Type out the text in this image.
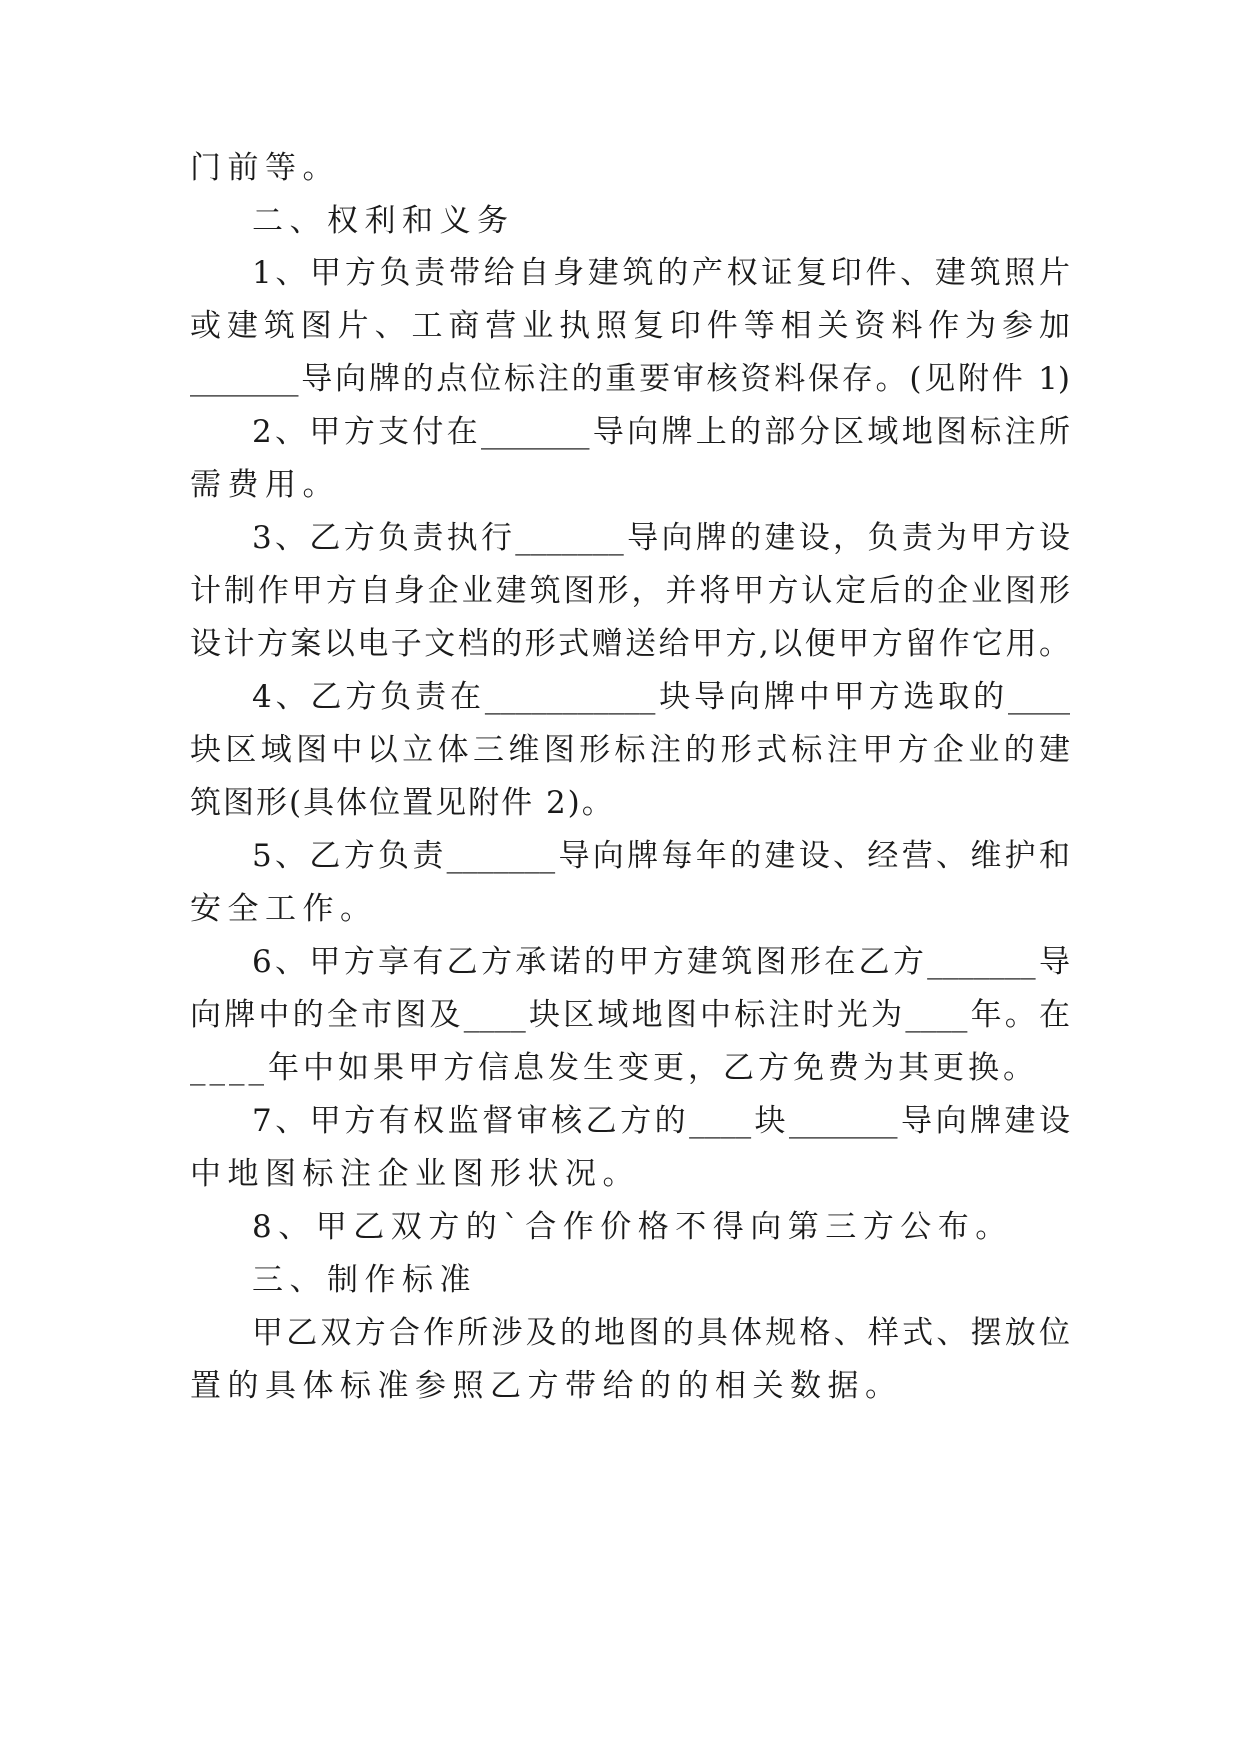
门前等。
二、权利和义务
1、甲方负责带给自身建筑的产权证复印件、建筑照片
或建筑图片、工商营业执照复印件等相关资料作为参加
_______导向牌的点位标注的重要审核资料保存。(见附件 1)
2、甲方支付在_______导向牌上的部分区域地图标注所
需费用。
3、乙方负责执行_______导向牌的建设，负责为甲方设
计制作甲方自身企业建筑图形，并将甲方认定后的企业图形
设计方案以电子文档的形式赠送给甲方,以便甲方留作它用。
4、乙方负责在___________块导向牌中甲方选取的____
块区域图中以立体三维图形标注的形式标注甲方企业的建
筑图形(具体位置见附件 2)。
5、乙方负责_______导向牌每年的建设、经营、维护和
安全工作。
6、甲方享有乙方承诺的甲方建筑图形在乙方_______导
向牌中的全市图及____块区域地图中标注时光为____年。在
____年中如果甲方信息发生变更，乙方免费为其更换。
7、甲方有权监督审核乙方的____块_______导向牌建设
中地图标注企业图形状况。
8、甲乙双方的`合作价格不得向第三方公布。
三、制作标准
甲乙双方合作所涉及的地图的具体规格、样式、摆放位
置的具体标准参照乙方带给的的相关数据。
